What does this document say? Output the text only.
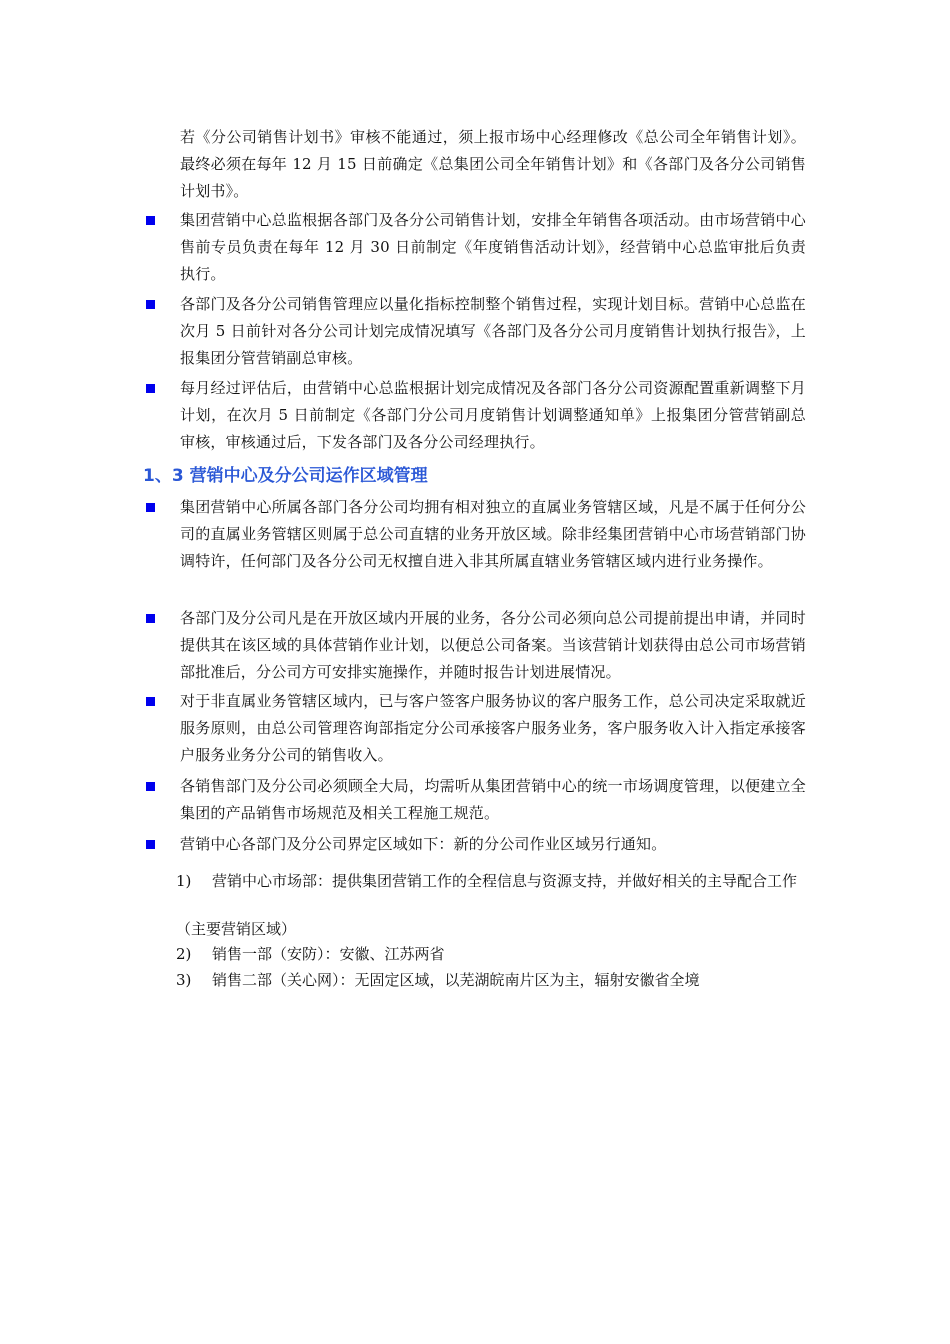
若《分公司销售计划书》审核不能通过，须上报市场中心经理修改《总公司全年销售计划》。最终必须在每年 12 月 15 日前确定《总集团公司全年销售计划》和《各部门及各分公司销售计划书》。
集团营销中心总监根据各部门及各分公司销售计划，安排全年销售各项活动。由市场营销中心售前专员负责在每年 12 月 30 日前制定《年度销售活动计划》，经营销中心总监审批后负责执行。
各部门及各分公司销售管理应以量化指标控制整个销售过程，实现计划目标。营销中心总监在次月 5 日前针对各分公司计划完成情况填写《各部门及各分公司月度销售计划执行报告》，上报集团分管营销副总审核。
每月经过评估后，由营销中心总监根据计划完成情况及各部门各分公司资源配置重新调整下月计划，在次月 5 日前制定《各部门分公司月度销售计划调整通知单》上报集团分管营销副总审核，审核通过后，下发各部门及各分公司经理执行。
1、3 营销中心及分公司运作区域管理
集团营销中心所属各部门各分公司均拥有相对独立的直属业务管辖区域，凡是不属于任何分公司的直属业务管辖区则属于总公司直辖的业务开放区域。除非经集团营销中心市场营销部门协调特许，任何部门及各分公司无权擅自进入非其所属直辖业务管辖区域内进行业务操作。
各部门及分公司凡是在开放区域内开展的业务，各分公司必须向总公司提前提出申请，并同时提供其在该区域的具体营销作业计划，以便总公司备案。当该营销计划获得由总公司市场营销部批准后，分公司方可安排实施操作，并随时报告计划进展情况。
对于非直属业务管辖区域内，已与客户签客户服务协议的客户服务工作，总公司决定采取就近服务原则，由总公司管理咨询部指定分公司承接客户服务业务，客户服务收入计入指定承接客户服务业务分公司的销售收入。
各销售部门及分公司必须顾全大局，均需听从集团营销中心的统一市场调度管理，以便建立全集团的产品销售市场规范及相关工程施工规范。
营销中心各部门及分公司界定区域如下：新的分公司作业区域另行通知。
1) 营销中心市场部：提供集团营销工作的全程信息与资源支持，并做好相关的主导配合工作
（主要营销区域）
2) 销售一部（安防）：安徽、江苏两省
3) 销售二部（关心网）：无固定区域，以芜湖皖南片区为主，辐射安徽省全境
